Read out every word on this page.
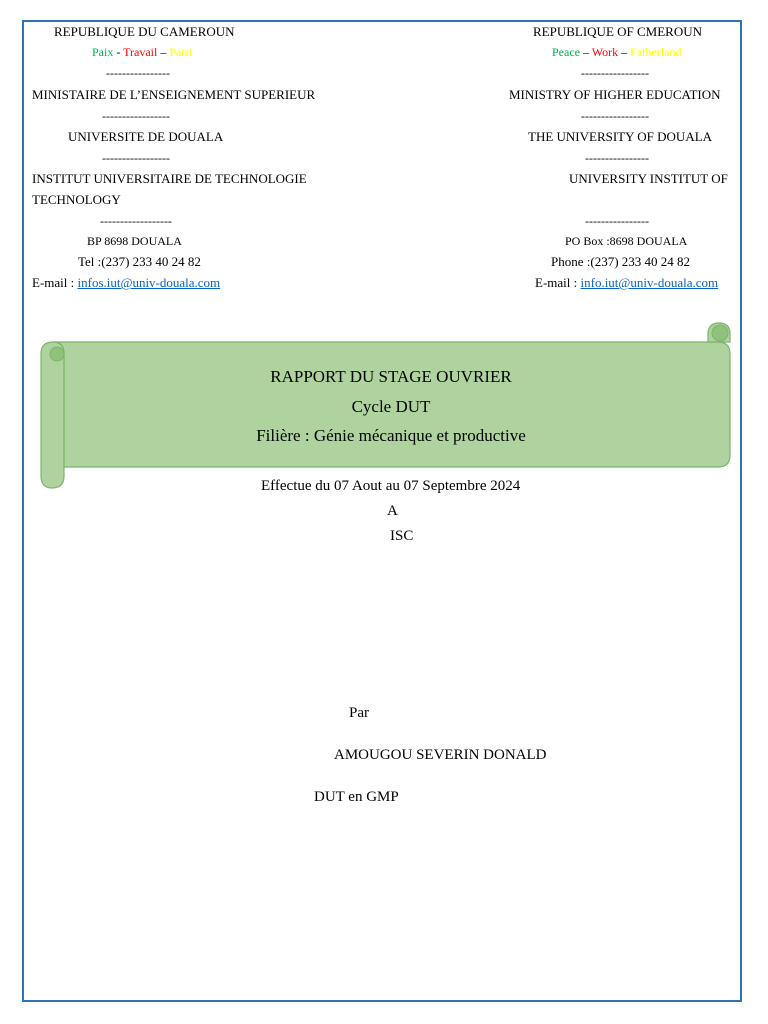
REPUBLIQUE DU CAMEROUN
Paix - Travail – Patri
----------------
MINISTAIRE DE L’ENSEIGNEMENT SUPERIEUR
-----------------
UNIVERSITE DE DOUALA
-----------------
INSTITUT UNIVERSITAIRE DE TECHNOLOGIE
TECHNOLOGY
------------------
BP 8698 DOUALA
Tel :(237) 233 40 24 82
E-mail : infos.iut@univ-douala.com
REPUBLIQUE OF CMEROUN
Peace – Work – Fatherland
-----------------
MINISTRY OF HIGHER EDUCATION
-----------------
THE UNIVERSITY OF DOUALA
----------------
UNIVERSITY INSTITUT OF
----------------
PO Box :8698 DOUALA
Phone :(237) 233 40 24 82
E-mail : info.iut@univ-douala.com
RAPPORT DU STAGE OUVRIER
Cycle DUT
Filière : Génie mécanique et productive
Effectue du 07 Aout au 07 Septembre 2024
A
ISC
Par
AMOUGOU SEVERIN DONALD
DUT en GMP
